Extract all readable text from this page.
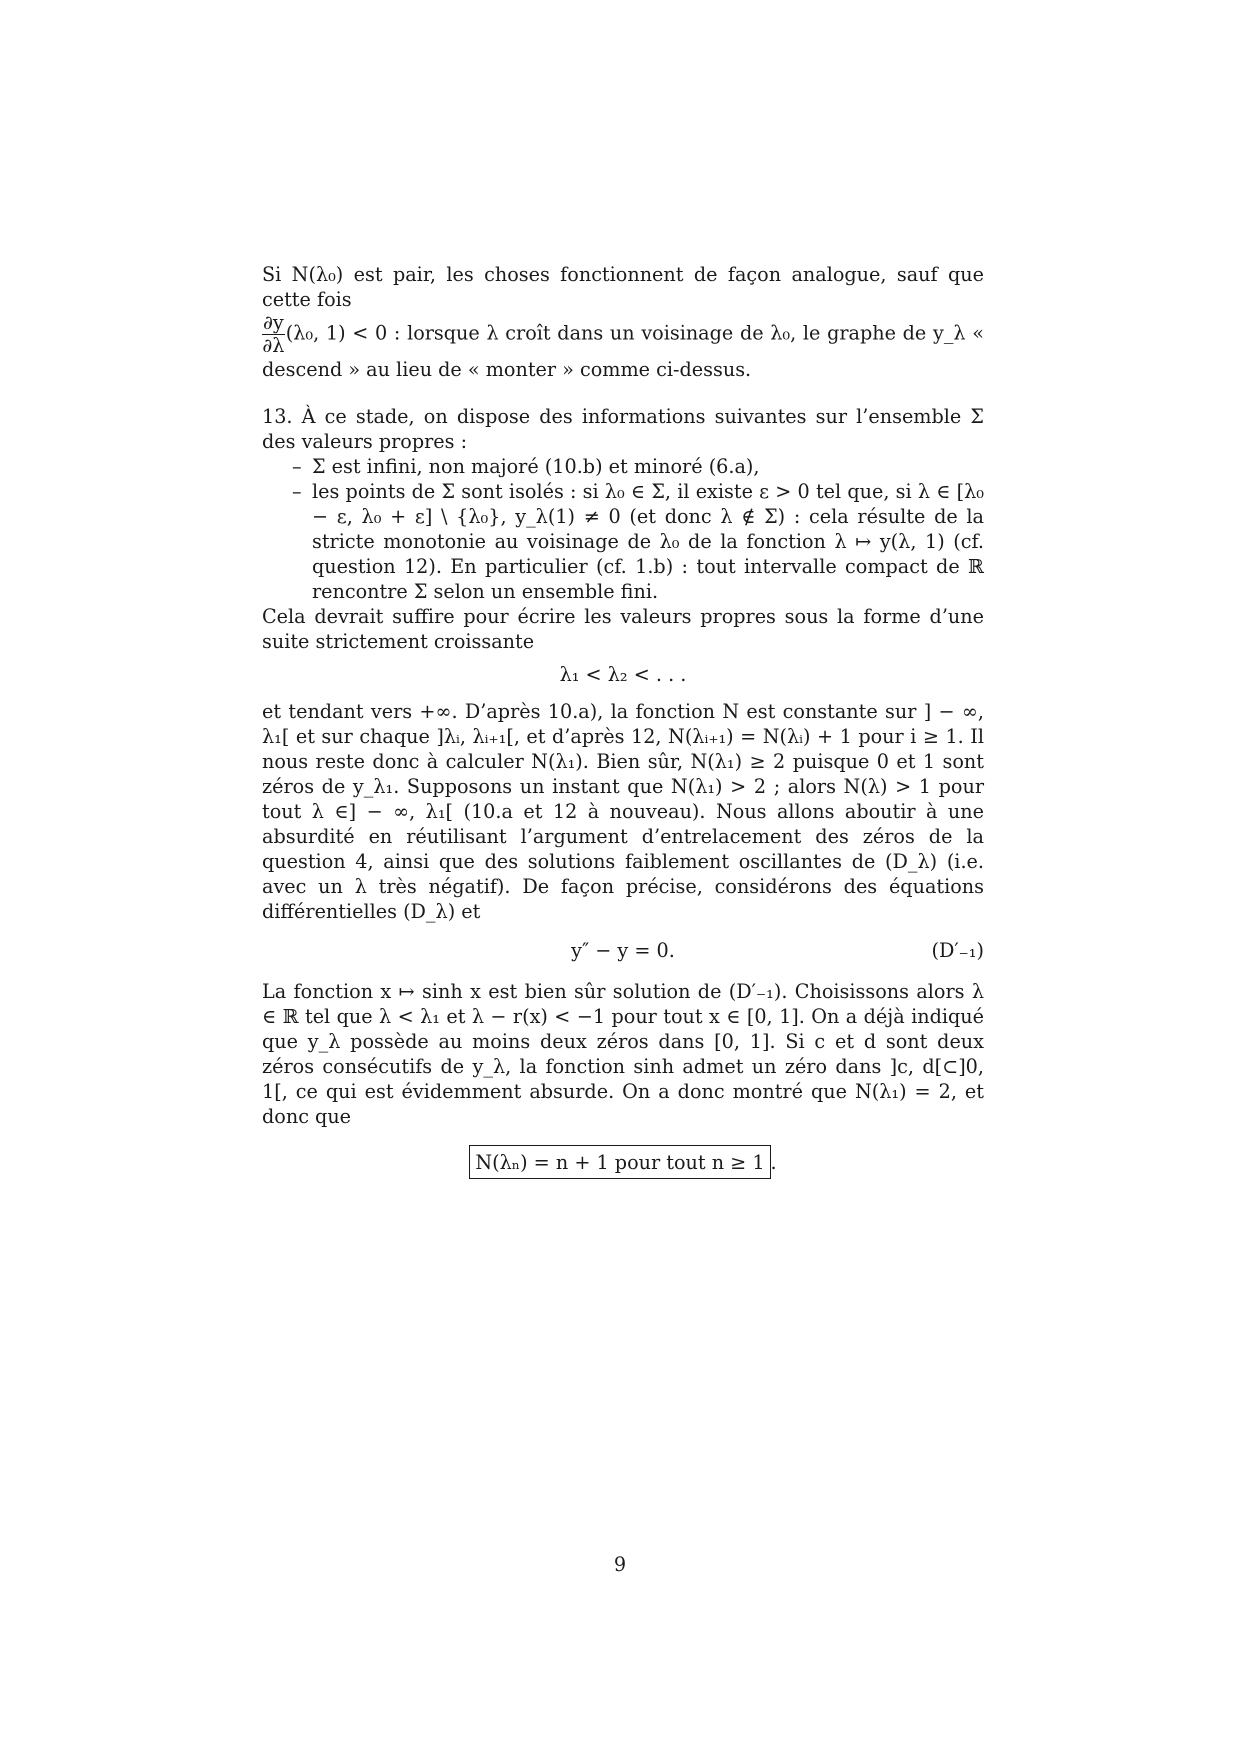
Si N(λ₀) est pair, les choses fonctionnent de façon analogue, sauf que cette fois
$\frac{\partial y}{\partial\lambda} (\lambda_0$, 1) < 0 : lorsque λ croît dans un voisinage de λ₀, le graphe de y_λ « descend » au lieu de « monter » comme ci-dessus.
13. À ce stade, on dispose des informations suivantes sur l’ensemble Σ des valeurs propres :
– Σ est infini, non majoré (10.b) et minoré (6.a),
– les points de Σ sont isolés : si λ₀ ∈ Σ, il existe ε > 0 tel que, si λ ∈ [λ₀ − ε, λ₀ + ε] \ {λ₀}, y_λ(1) ≠ 0 (et donc λ ∉ Σ) : cela résulte de la stricte monotonie au voisinage de λ₀ de la fonction λ ↦ y(λ, 1) (cf. question 12). En particulier (cf. 1.b) : tout intervalle compact de ℝ rencontre Σ selon un ensemble fini.
Cela devrait suffire pour écrire les valeurs propres sous la forme d’une suite strictement croissante
λ₁ < λ₂ < . . .
et tendant vers +∞. D’après 10.a), la fonction N est constante sur ] − ∞, λ₁[ et sur chaque ]λᵢ, λᵢ₊₁[, et d’après 12, N(λᵢ₊₁) = N(λᵢ) + 1 pour i ≥ 1. Il nous reste donc à calculer N(λ₁). Bien sûr, N(λ₁) ≥ 2 puisque 0 et 1 sont zéros de y_λ₁. Supposons un instant que N(λ₁) > 2 ; alors N(λ) > 1 pour tout λ ∈] − ∞, λ₁[ (10.a et 12 à nouveau). Nous allons aboutir à une absurdité en réutilisant l’argument d’entrelacement des zéros de la question 4, ainsi que des solutions faiblement oscillantes de (D_λ) (i.e. avec un λ très négatif). De façon précise, considérons des équations différentielles (D_λ) et
y″ − y = 0.	(D′₋₁)
La fonction x ↦ sinh x est bien sûr solution de (D′₋₁). Choisissons alors λ ∈ ℝ tel que λ < λ₁ et λ − r(x) < −1 pour tout x ∈ [0, 1]. On a déjà indiqué que y_λ possède au moins deux zéros dans [0, 1]. Si c et d sont deux zéros consécutifs de y_λ, la fonction sinh admet un zéro dans ]c, d[⊂]0, 1[, ce qui est évidemment absurde. On a donc montré que N(λ₁) = 2, et donc que
N(λₙ) = n + 1 pour tout n ≥ 1 .
9
